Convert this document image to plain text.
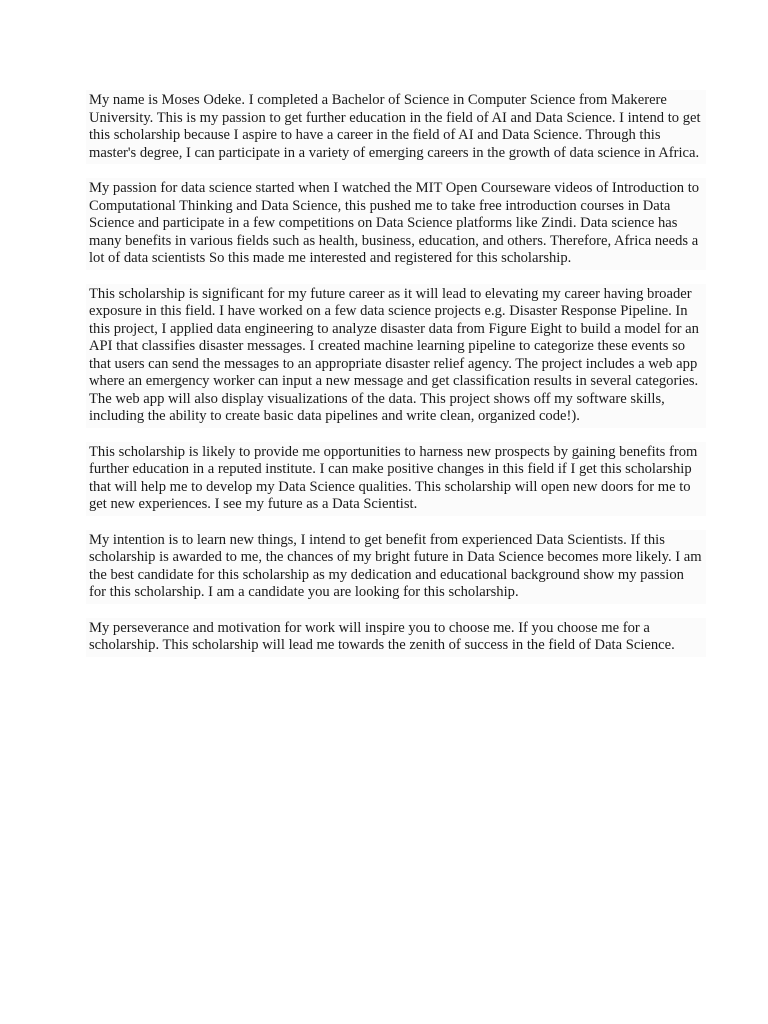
My name is Moses Odeke. I completed a Bachelor of Science in Computer Science from Makerere University. This is my passion to get further education in the field of AI and Data Science. I intend to get this scholarship because I aspire to have a career in the field of AI and Data Science. Through this master's degree, I can participate in a variety of emerging careers in the growth of data science in Africa.

My passion for data science started when I watched the MIT Open Courseware videos of Introduction to Computational Thinking and Data Science, this pushed me to take free introduction courses in Data Science and participate in a few competitions on Data Science platforms like Zindi. Data science has many benefits in various fields such as health, business, education, and others. Therefore, Africa needs a lot of data scientists So this made me interested and registered for this scholarship.

This scholarship is significant for my future career as it will lead to elevating my career having broader exposure in this field. I have worked on a few data science projects e.g. Disaster Response Pipeline. In this project, I applied data engineering to analyze disaster data from Figure Eight to build a model for an API that classifies disaster messages. I created machine learning pipeline to categorize these events so that users can send the messages to an appropriate disaster relief agency. The project includes a web app where an emergency worker can input a new message and get classification results in several categories. The web app will also display visualizations of the data. This project shows off my software skills, including the ability to create basic data pipelines and write clean, organized code!).

This scholarship is likely to provide me opportunities to harness new prospects by gaining benefits from further education in a reputed institute. I can make positive changes in this field if I get this scholarship that will help me to develop my Data Science qualities. This scholarship will open new doors for me to get new experiences. I see my future as a Data Scientist.

My intention is to learn new things, I intend to get benefit from experienced Data Scientists. If this scholarship is awarded to me, the chances of my bright future in Data Science becomes more likely. I am the best candidate for this scholarship as my dedication and educational background show my passion for this scholarship. I am a candidate you are looking for this scholarship.

My perseverance and motivation for work will inspire you to choose me. If you choose me for a scholarship. This scholarship will lead me towards the zenith of success in the field of Data Science.
